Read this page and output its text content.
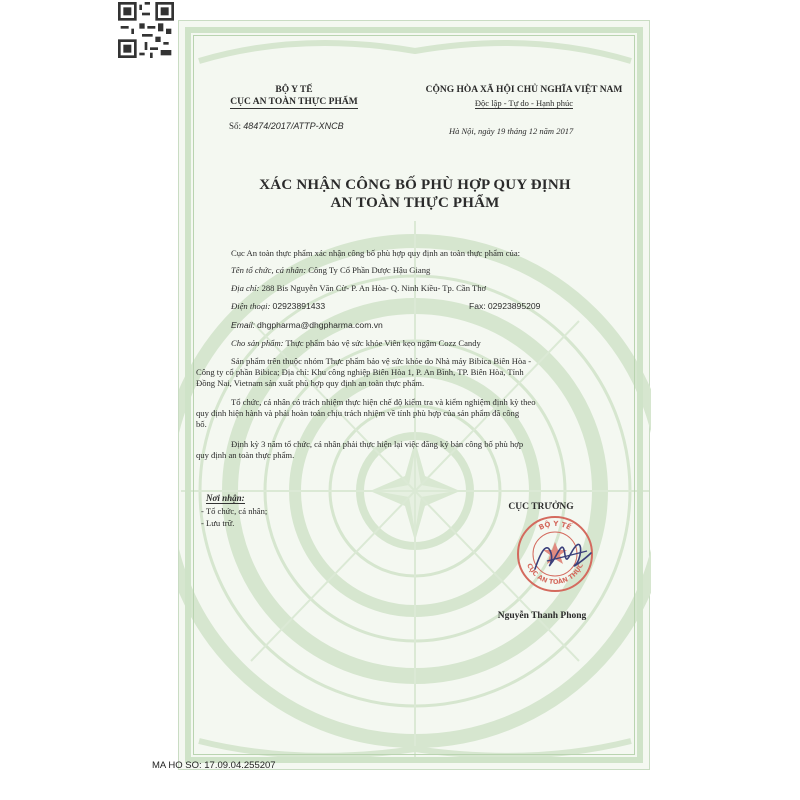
BỘ Y TẾ
CỤC AN TOÀN THỰC PHẨM
Số: 48474/2017/ATTP-XNCB
CỘNG HÒA XÃ HỘI CHỦ NGHĨA VIỆT NAM
Độc lập - Tự do - Hạnh phúc
Hà Nội, ngày 19 tháng 12 năm 2017
XÁC NHẬN CÔNG BỐ PHÙ HỢP QUY ĐỊNH
AN TOÀN THỰC PHẨM
Cục An toàn thực phẩm xác nhận công bố phù hợp quy định an toàn thực phẩm của:
Tên tổ chức, cá nhân: Công Ty Cổ Phần Dược Hậu Giang
Địa chỉ: 288 Bis Nguyễn Văn Cừ- P. An Hòa- Q. Ninh Kiều- Tp. Cần Thơ
Điện thoại: 02923891433	Fax: 02923895209
Email: dhgpharma@dhgpharma.com.vn
Cho sản phẩm: Thực phẩm bảo vệ sức khỏe Viên kẹo ngậm Cozz Candy
Sản phẩm trên thuộc nhóm Thực phẩm bảo vệ sức khỏe do Nhà máy Bibica Biên Hòa -
Công ty cổ phần Bibica; Địa chỉ: Khu công nghiệp Biên Hòa 1, P. An Bình, TP. Biên Hòa, Tỉnh
Đồng Nai, Vietnam sản xuất phù hợp quy định an toàn thực phẩm.
Tổ chức, cá nhân có trách nhiệm thực hiện chế độ kiểm tra và kiểm nghiệm định kỳ theo
quy định hiện hành và phải hoàn toàn chịu trách nhiệm về tính phù hợp của sản phẩm đã công
bố.
Định kỳ 3 năm tổ chức, cá nhân phải thực hiện lại việc đăng ký bản công bố phù hợp
quy định an toàn thực phẩm.
Nơi nhận:
- Tổ chức, cá nhân;
- Lưu trữ.
CỤC TRƯỞNG
BỘ Y TẾ
CỤC AN TOÀN THỰC
Nguyễn Thanh Phong
MA HO SO: 17.09.04.255207
